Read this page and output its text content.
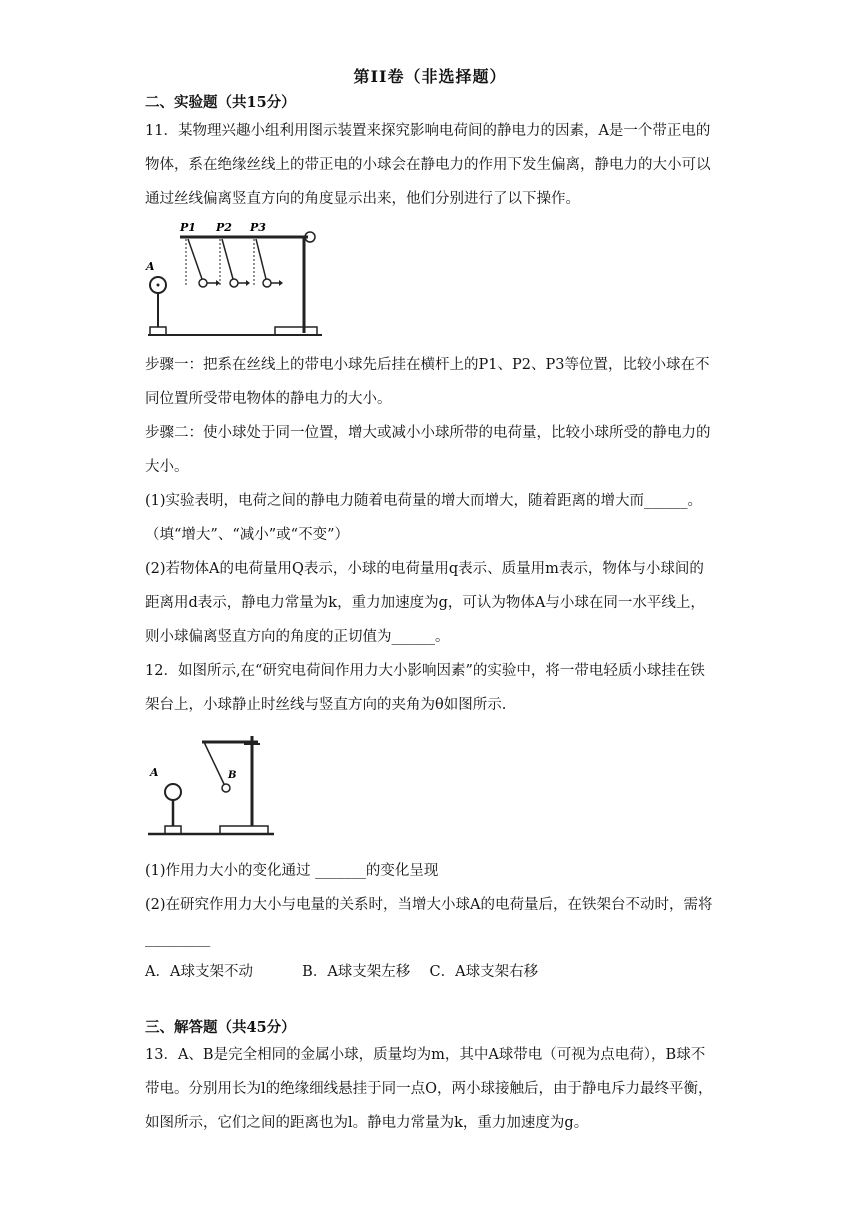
第II卷（非选择题）
二、实验题（共15分）
11．某物理兴趣小组利用图示装置来探究影响电荷间的静电力的因素，A是一个带正电的物体，系在绝缘丝线上的带正电的小球会在静电力的作用下发生偏离，静电力的大小可以通过丝线偏离竖直方向的角度显示出来，他们分别进行了以下操作。
A
P1 P2 P3
步骤一：把系在丝线上的带电小球先后挂在横杆上的P1、P2、P3等位置，比较小球在不同位置所受带电物体的静电力的大小。
步骤二：使小球处于同一位置，增大或减小小球所带的电荷量，比较小球所受的静电力的大小。
(1)实验表明，电荷之间的静电力随着电荷量的增大而增大，随着距离的增大而______。（填“增大”、“减小”或“不变”）
(2)若物体A的电荷量用Q表示，小球的电荷量用q表示、质量用m表示，物体与小球间的距离用d表示，静电力常量为k，重力加速度为g，可认为物体A与小球在同一水平线上，则小球偏离竖直方向的角度的正切值为______。
12．如图所示,在“研究电荷间作用力大小影响因素”的实验中，将一带电轻质小球挂在铁架台上，小球静止时丝线与竖直方向的夹角为θ如图所示.
A	B
(1)作用力大小的变化通过 _______的变化呈现
(2)在研究作用力大小与电量的关系时，当增大小球A的电荷量后，在铁架台不动时，需将_________
A．A球支架不动	B．A球支架左移 C．A球支架右移
三、解答题（共45分）
13．A、B是完全相同的金属小球，质量均为m，其中A球带电（可视为点电荷），B球不带电。分别用长为l的绝缘细线悬挂于同一点O，两小球接触后，由于静电斥力最终平衡，如图所示，它们之间的距离也为l。静电力常量为k，重力加速度为g。
